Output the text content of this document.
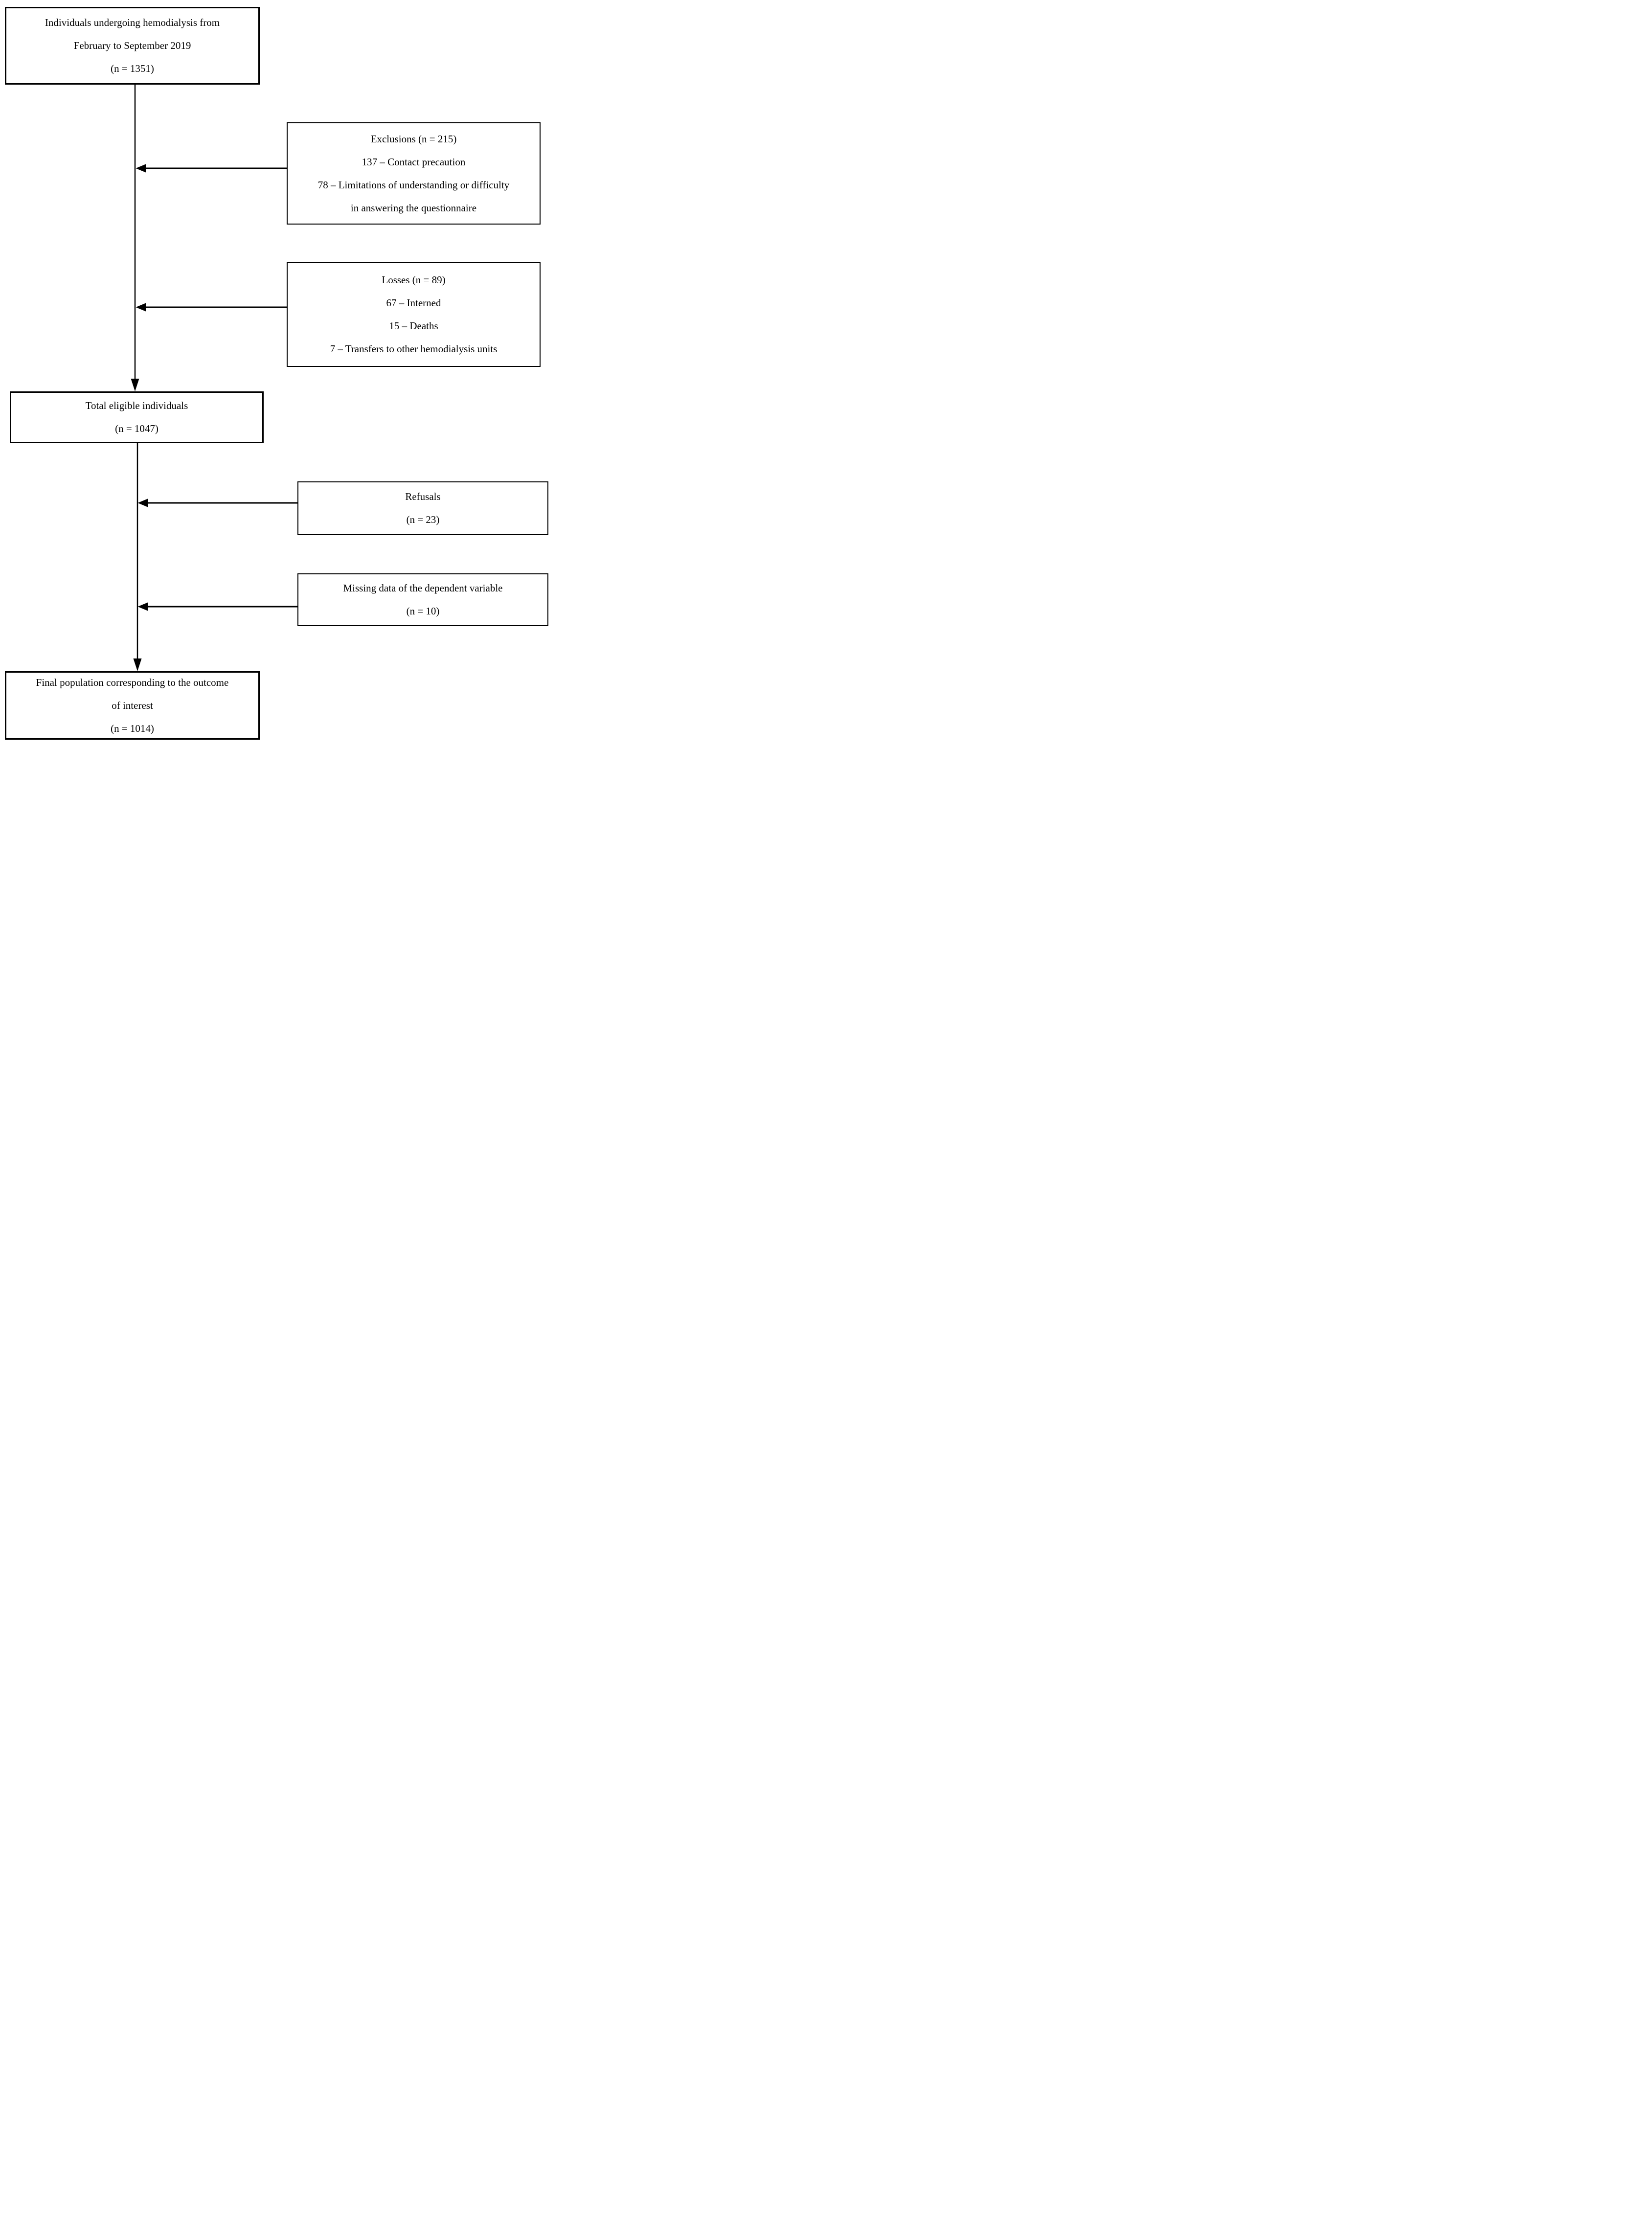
Individuals undergoing hemodialysis from
February to September 2019
(n = 1351)
Exclusions (n = 215)
137 – Contact precaution
78 – Limitations of understanding or difficulty
in answering the questionnaire
Losses (n = 89)
67 – Interned
15 – Deaths
7 – Transfers to other hemodialysis units
Total eligible individuals
(n = 1047)
Refusals
(n = 23)
Missing data of the dependent variable
(n = 10)
Final population corresponding to the outcome
of interest
(n = 1014)
